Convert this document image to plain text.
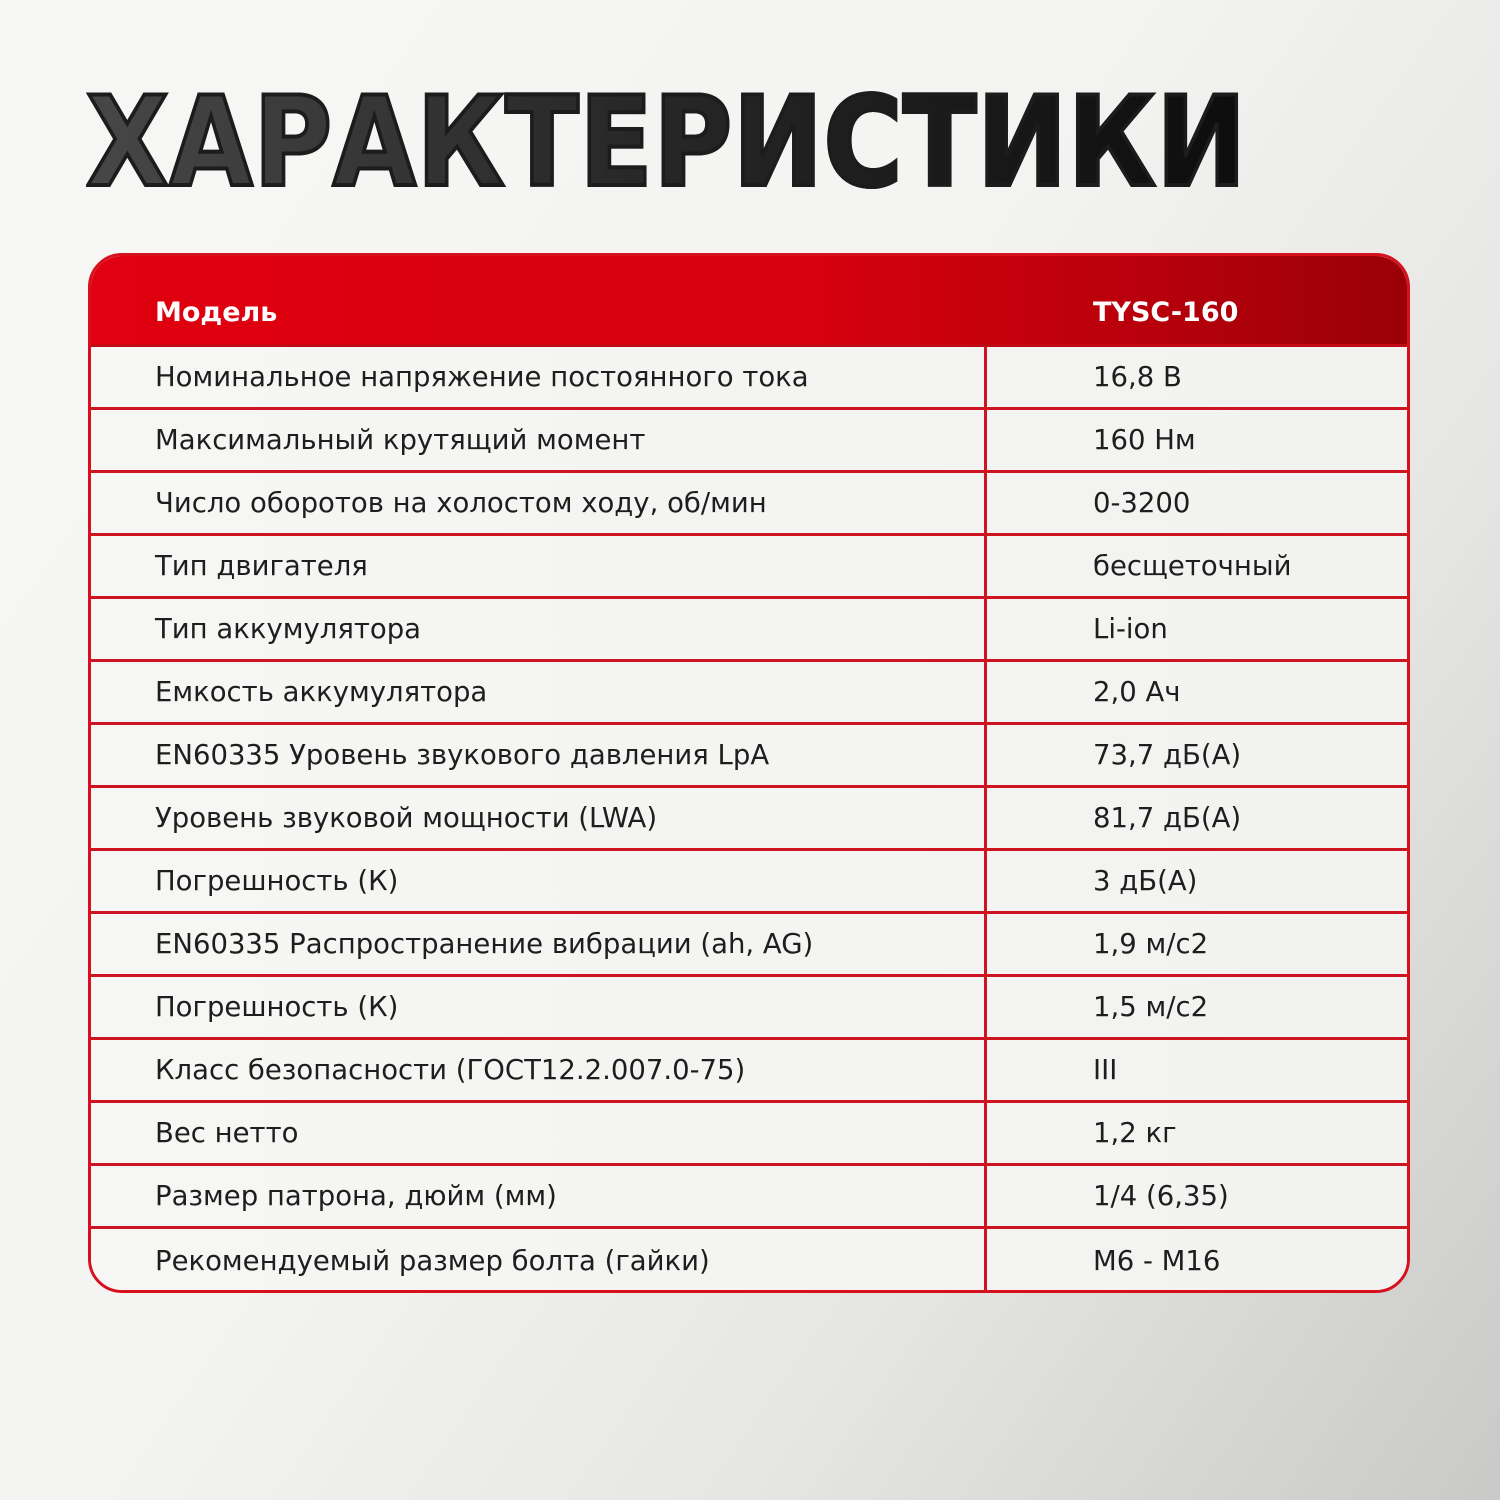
ХАРАКТЕРИСТИКИ
Модель	TYSC-160
Номинальное напряжение постоянного тока	16,8 В
Максимальный крутящий момент	160 Нм
Число оборотов на холостом ходу, об/мин	0-3200
Тип двигателя	бесщеточный
Тип аккумулятора	Li-ion
Емкость аккумулятора	2,0 Ач
EN60335 Уровень звукового давления LpA	73,7 дБ(А)
Уровень звуковой мощности (LWA)	81,7 дБ(А)
Погрешность (К)	3 дБ(А)
EN60335 Распространение вибрации (ah, AG)	1,9 м/с2
Погрешность (К)	1,5 м/с2
Класс безопасности (ГОСТ12.2.007.0-75)	III
Вес нетто	1,2 кг
Размер патрона, дюйм (мм)	1/4 (6,35)
Рекомендуемый размер болта (гайки)	М6 - М16
